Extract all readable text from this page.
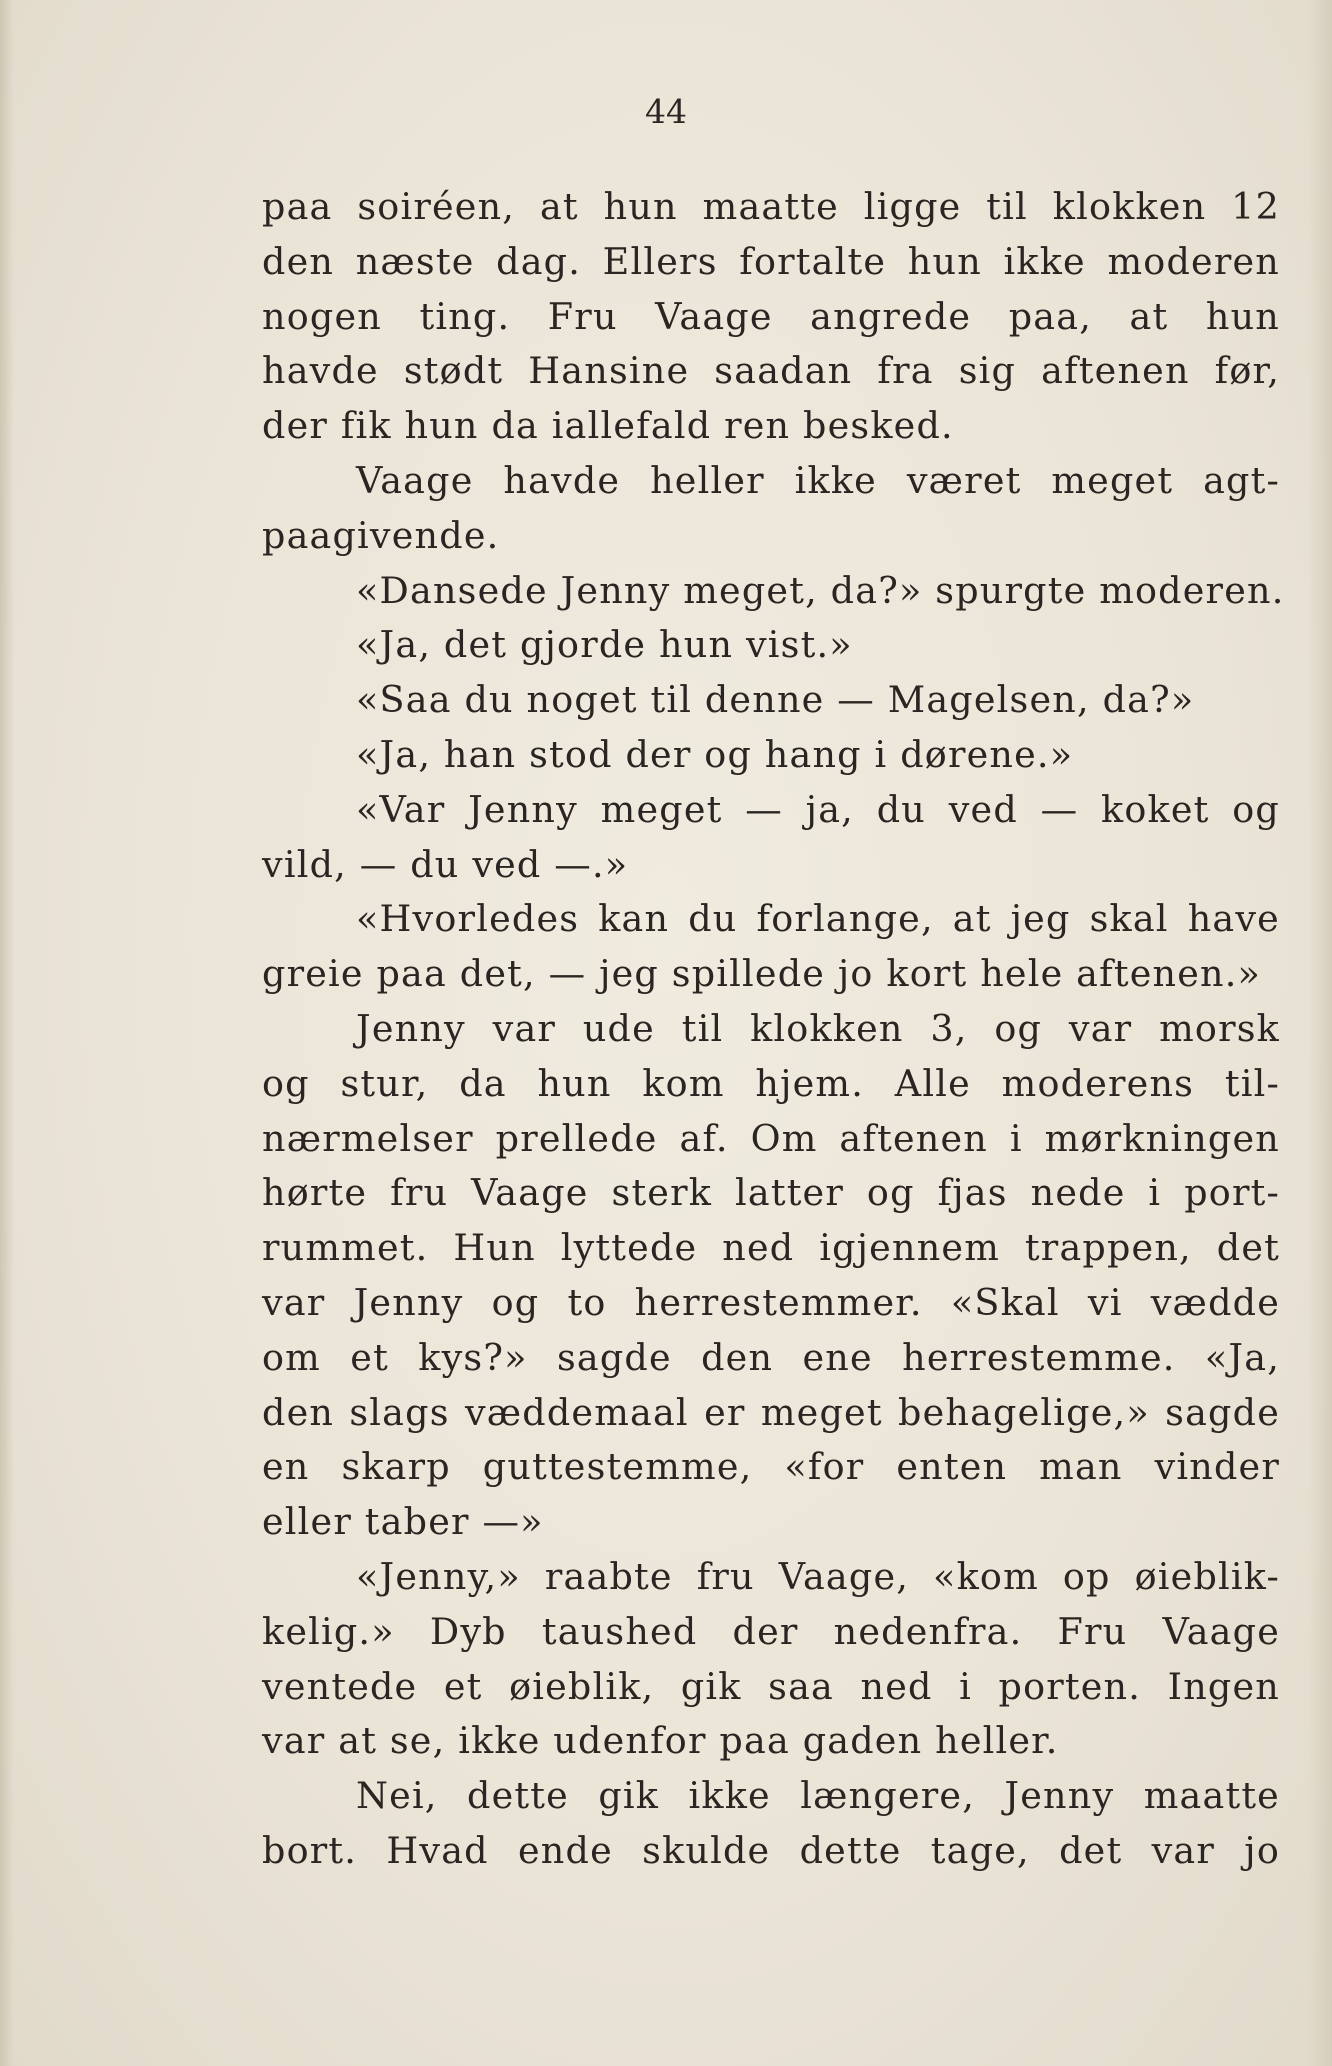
44

paa soiréen, at hun maatte ligge til klokken 12
den næste dag. Ellers fortalte hun ikke moderen
nogen ting. Fru Vaage angrede paa, at hun
havde stødt Hansine saadan fra sig aftenen før,
der fik hun da iallefald ren besked.
Vaage havde heller ikke været meget agt-
paagivende.
«Dansede Jenny meget, da?» spurgte moderen.
«Ja, det gjorde hun vist.»
«Saa du noget til denne — Magelsen, da?»
«Ja, han stod der og hang i dørene.»
«Var Jenny meget — ja, du ved — koket og
vild, — du ved —.»
«Hvorledes kan du forlange, at jeg skal have
greie paa det, — jeg spillede jo kort hele aftenen.»
Jenny var ude til klokken 3, og var morsk
og stur, da hun kom hjem. Alle moderens til-
nærmelser prellede af. Om aftenen i mørkningen
hørte fru Vaage sterk latter og fjas nede i port-
rummet. Hun lyttede ned igjennem trappen, det
var Jenny og to herrestemmer. «Skal vi vædde
om et kys?» sagde den ene herrestemme. «Ja,
den slags væddemaal er meget behagelige,» sagde
en skarp guttestemme, «for enten man vinder
eller taber —»
«Jenny,» raabte fru Vaage, «kom op øieblik-
kelig.» Dyb taushed der nedenfra. Fru Vaage
ventede et øieblik, gik saa ned i porten. Ingen
var at se, ikke udenfor paa gaden heller.
Nei, dette gik ikke længere, Jenny maatte
bort. Hvad ende skulde dette tage, det var jo
